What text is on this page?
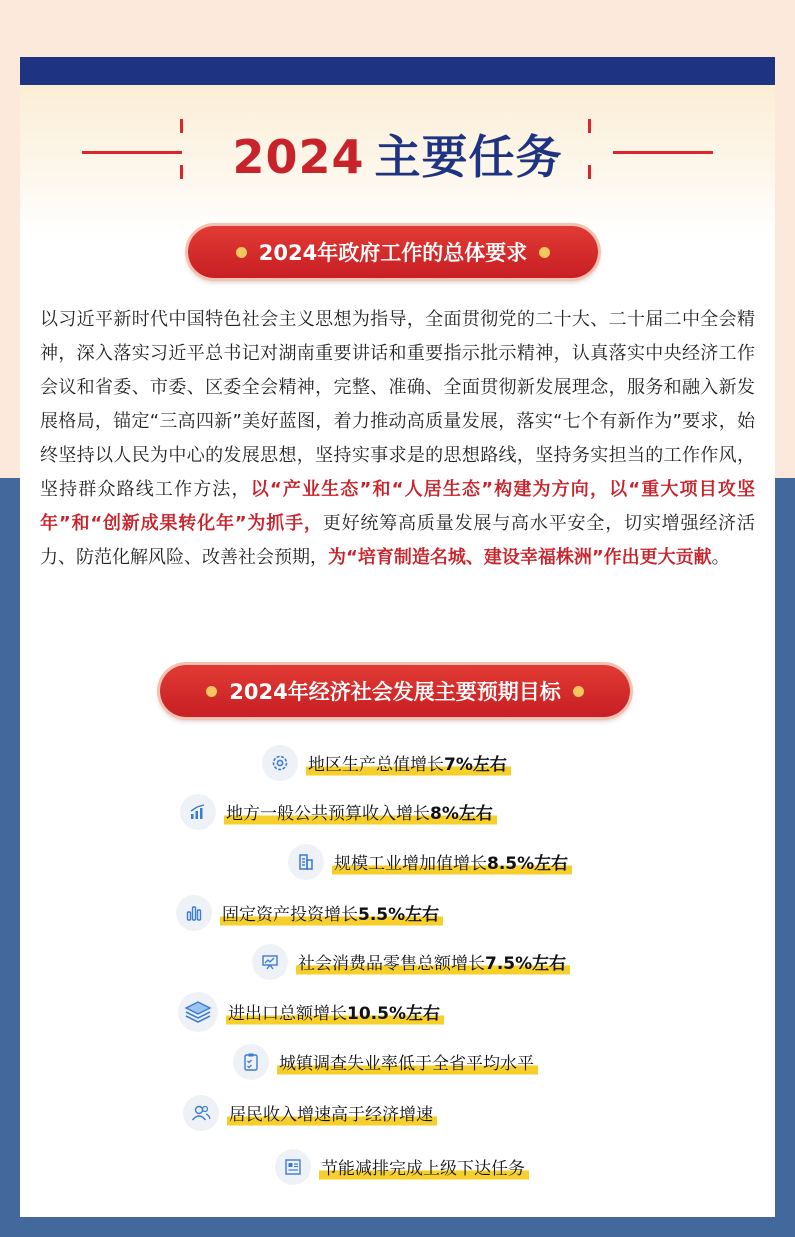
2024 主要任务
2024年政府工作的总体要求
以习近平新时代中国特色社会主义思想为指导，全面贯彻党的二十大、二十届二中全会精神，深入落实习近平总书记对湖南重要讲话和重要指示批示精神，认真落实中央经济工作会议和省委、市委、区委全会精神，完整、准确、全面贯彻新发展理念，服务和融入新发展格局，锚定“三高四新”美好蓝图，着力推动高质量发展，落实“七个有新作为”要求，始终坚持以人民为中心的发展思想，坚持实事求是的思想路线，坚持务实担当的工作作风，坚持群众路线工作方法，以“产业生态”和“人居生态”构建为方向，以“重大项目攻坚年”和“创新成果转化年”为抓手，更好统筹高质量发展与高水平安全，切实增强经济活力、防范化解风险、改善社会预期，为“培育制造名城、建设幸福株洲”作出更大贡献。
2024年经济社会发展主要预期目标
地区生产总值增长7%左右
地方一般公共预算收入增长8%左右
规模工业增加值增长8.5%左右
固定资产投资增长5.5%左右
社会消费品零售总额增长7.5%左右
进出口总额增长10.5%左右
城镇调查失业率低于全省平均水平
居民收入增速高于经济增速
节能减排完成上级下达任务
